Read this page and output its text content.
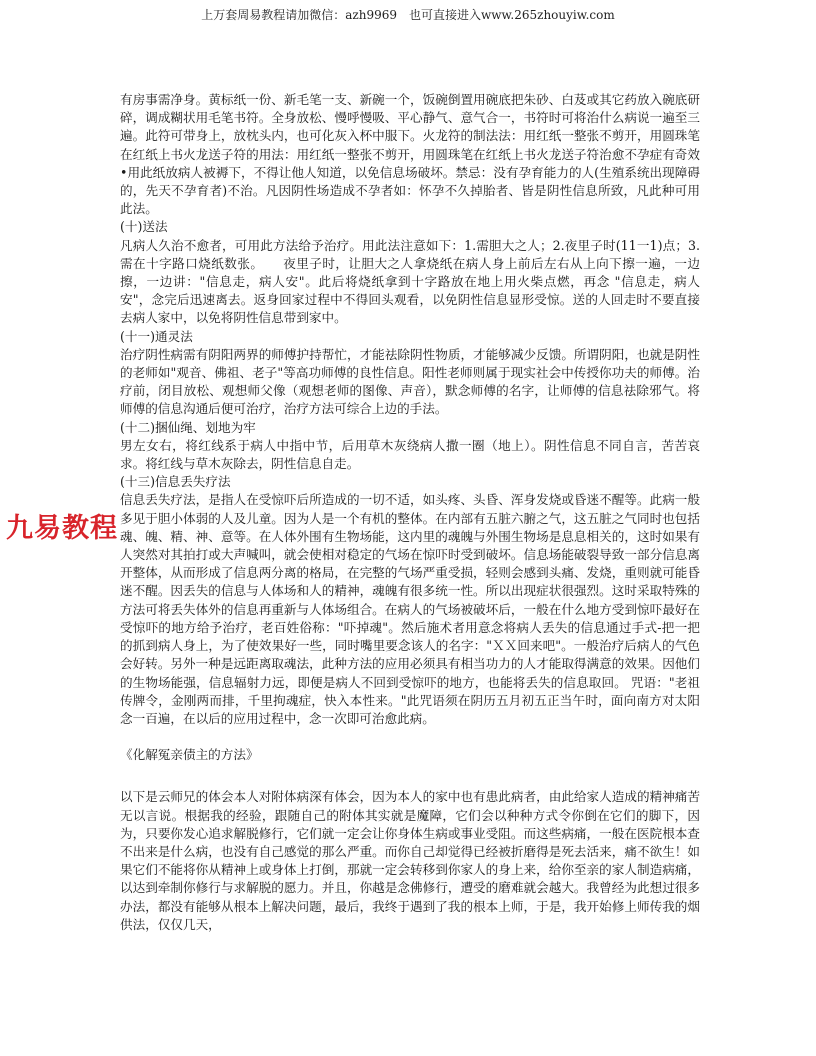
上万套周易教程请加微信：azh9969　也可直接进入www.265zhouyiw.com
九易教程

有房事需净身。黄标纸一份、新毛笔一支、新碗一个，饭碗倒置用碗底把朱砂、白芨或其它药放入碗底研碎，调成糊状用毛笔书符。全身放松、慢呼慢吸、平心静气、意气合一，书符时可将治什么病说一遍至三遍。此符可带身上，放枕头内，也可化灰入杯中服下。火龙符的制法法：用红纸一整张不剪开，用圆珠笔在红纸上书火龙送子符的用法：用红纸一整张不剪开，用圆珠笔在红纸上书火龙送子符治愈不孕症有奇效•用此纸放病人被褥下，不得让他人知道，以免信息场破坏。禁忌：没有孕育能力的人(生殖系统出现障碍的，先天不孕育者)不治。凡因阴性场造成不孕者如：怀孕不久掉胎者、皆是阴性信息所致，凡此种可用此法。

(十)送法

凡病人久治不愈者，可用此方法给予治疗。用此法注意如下：1.需胆大之人；2.夜里子时(11一1)点；3.需在十字路口烧纸数张。　　夜里子时，让胆大之人拿烧纸在病人身上前后左右从上向下擦一遍，一边擦，一边讲："信息走，病人安"。此后将烧纸拿到十字路放在地上用火柴点燃，再念 "信息走，病人安"，念完后迅速离去。返身回家过程中不得回头观看，以免阴性信息显形受惊。送的人回走时不要直接去病人家中，以免将阴性信息带到家中。

(十一)通灵法

治疗阴性病需有阴阳两界的师傅护持帮忙，才能祛除阴性物质，才能够减少反馈。所谓阴阳，也就是阴性的老师如"观音、佛祖、老子"等高功师傅的良性信息。阳性老师则属于现实社会中传授你功夫的师傅。治疗前，闭目放松、观想师父像（观想老师的图像、声音），默念师傅的名字，让师傅的信息祛除邪气。将师傅的信息沟通后便可治疗，治疗方法可综合上边的手法。

(十二)捆仙绳、划地为牢

男左女右，将红线系于病人中指中节，后用草木灰绕病人撒一圈（地上）。阴性信息不同自言，苦苦哀求。将红线与草木灰除去，阴性信息自走。

(十三)信息丢失疗法

信息丢失疗法，是指人在受惊吓后所造成的一切不适，如头疼、头昏、浑身发烧或昏迷不醒等。此病一般多见于胆小体弱的人及儿童。因为人是一个有机的整体。在内部有五脏六腑之气，这五脏之气同时也包括魂、魄、精、神、意等。在人体外围有生物场能，这内里的魂魄与外围生物场是息息相关的，这时如果有人突然对其拍打或大声喊叫，就会使相对稳定的气场在惊吓时受到破坏。信息场能破裂导致一部分信息离开整体，从而形成了信息两分离的格局，在完整的气场严重受损，轻则会感到头痛、发烧，重则就可能昏迷不醒。因丢失的信息与人体场和人的精神，魂魄有很多统一性。所以出现症状很强烈。这时采取特殊的方法可将丢失体外的信息再重新与人体场组合。在病人的气场被破坏后，一般在什么地方受到惊吓最好在受惊吓的地方给予治疗，老百姓俗称："吓掉魂"。然后施术者用意念将病人丢失的信息通过手式-把一把的抓到病人身上，为了使效果好一些，同时嘴里要念该人的名字："ＸＸ回来吧"。一般治疗后病人的气色会好转。另外一种是远距离取魂法，此种方法的应用必须具有相当功力的人才能取得满意的效果。因他们的生物场能强，信息辐射力远，即便是病人不回到受惊吓的地方，也能将丢失的信息取回。 咒语："老祖传牌令，金刚两而排，千里拘魂症，快入本性来。"此咒语须在阴历五月初五正当午时，面向南方对太阳念一百遍，在以后的应用过程中，念一次即可治愈此病。

《化解冤亲债主的方法》

以下是云师兄的体会本人对附体病深有体会，因为本人的家中也有患此病者，由此给家人造成的精神痛苦无以言说。根据我的经验，跟随自己的附体其实就是魔障，它们会以种种方式令你倒在它们的脚下，因为，只要你发心追求解脱修行，它们就一定会让你身体生病或事业受阻。而这些病痛，一般在医院根本查不出来是什么病，也没有自己感觉的那么严重。而你自己却觉得已经被折磨得是死去活来，痛不欲生！如果它们不能将你从精神上或身体上打倒，那就一定会转移到你家人的身上来，给你至亲的家人制造病痛，以达到牵制你修行与求解脱的愿力。并且，你越是念佛修行，遭受的磨难就会越大。我曾经为此想过很多办法，都没有能够从根本上解决问题，最后，我终于遇到了我的根本上师，于是，我开始修上师传我的烟供法，仅仅几天，
